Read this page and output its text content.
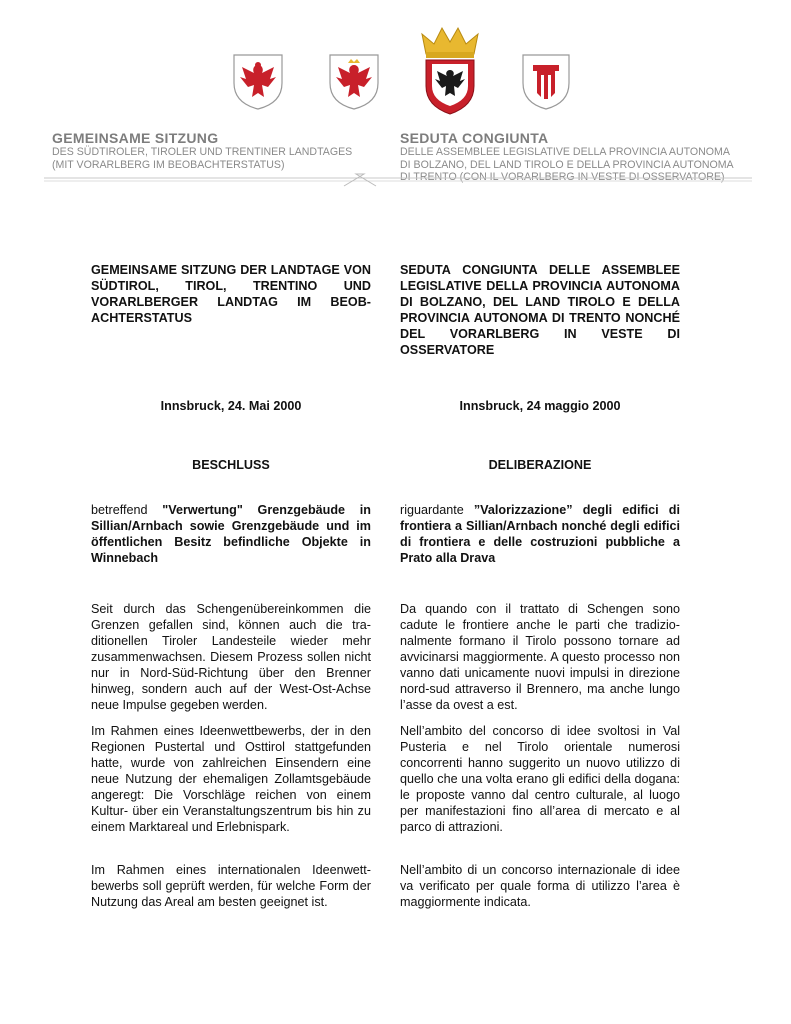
GEMEINSAME SITZUNG
DES SÜDTIROLER, TIROLER UND TRENTINER LANDTAGES
(MIT VORARLBERG IM BEOBACHTERSTATUS)
SEDUTA CONGIUNTA
DELLE ASSEMBLEE LEGISLATIVE DELLA PROVINCIA AUTONOMA
DI BOLZANO, DEL LAND TIROLO E DELLA PROVINCIA AUTONOMA
DI TRENTO (CON IL VORARLBERG IN VESTE DI OSSERVATORE)
GEMEINSAME SITZUNG DER LANDTAGE VON SÜDTIROL, TIROL, TRENTINO UND VORARLBERGER LANDTAG IM BEOBACHTERSTATUS
Innsbruck, 24. Mai 2000
BESCHLUSS
betreffend "Verwertung" Grenzgebäude in Sillian/Arnbach sowie Grenzgebäude und im öffentlichen Besitz befindliche Objekte in Winnebach

Seit durch das Schengenübereinkommen die Grenzen gefallen sind, können auch die traditionellen Tiroler Landesteile wieder mehr zusammenwachsen. Diesem Prozess sollen nicht nur in Nord-Süd-Richtung über den Brenner hinweg, sondern auch auf der West-Ost-Achse neue Impulse gegeben werden.

Im Rahmen eines Ideenwettbewerbs, der in den Regionen Pustertal und Osttirol stattgefunden hatte, wurde von zahlreichen Einsendern eine neue Nutzung der ehemaligen Zollamtsgebäude angeregt: Die Vorschläge reichen von einem Kultur- über ein Veranstaltungszentrum bis hin zu einem Marktareal und Erlebnispark.

Im Rahmen eines internationalen Ideenwettbewerbs soll geprüft werden, für welche Form der Nutzung das Areal am besten geeignet ist.

SEDUTA CONGIUNTA DELLE ASSEMBLEE LEGISLATIVE DELLA PROVINCIA AUTONOMA DI BOLZANO, DEL LAND TIROLO E DELLA PROVINCIA AUTONOMA DI TRENTO NONCHÉ DEL VORARLBERG IN VESTE DI OSSERVATORE
Innsbruck, 24 maggio 2000
DELIBERAZIONE
riguardante ”Valorizzazione” degli edifici di frontiera a Sillian/Arnbach nonché degli edifici di frontiera e delle costruzioni pubbliche a Prato alla Drava

Da quando con il trattato di Schengen sono cadute le frontiere anche le parti che tradizionalmente formano il Tirolo possono tornare ad avvicinarsi maggiormente. A questo processo non vanno dati unicamente nuovi impulsi in direzione nord-sud attraverso il Brennero, ma anche lungo l’asse da ovest a est.

Nell’ambito del concorso di idee svoltosi in Val Pusteria e nel Tirolo orientale numerosi concorrenti hanno suggerito un nuovo utilizzo di quello che una volta erano gli edifici della dogana: le proposte vanno dal centro culturale, al luogo per manifestazioni fino all’area di mercato e al parco di attrazioni.

Nell’ambito di un concorso internazionale di idee va verificato per quale forma di utilizzo l’area è maggiormente indicata.
